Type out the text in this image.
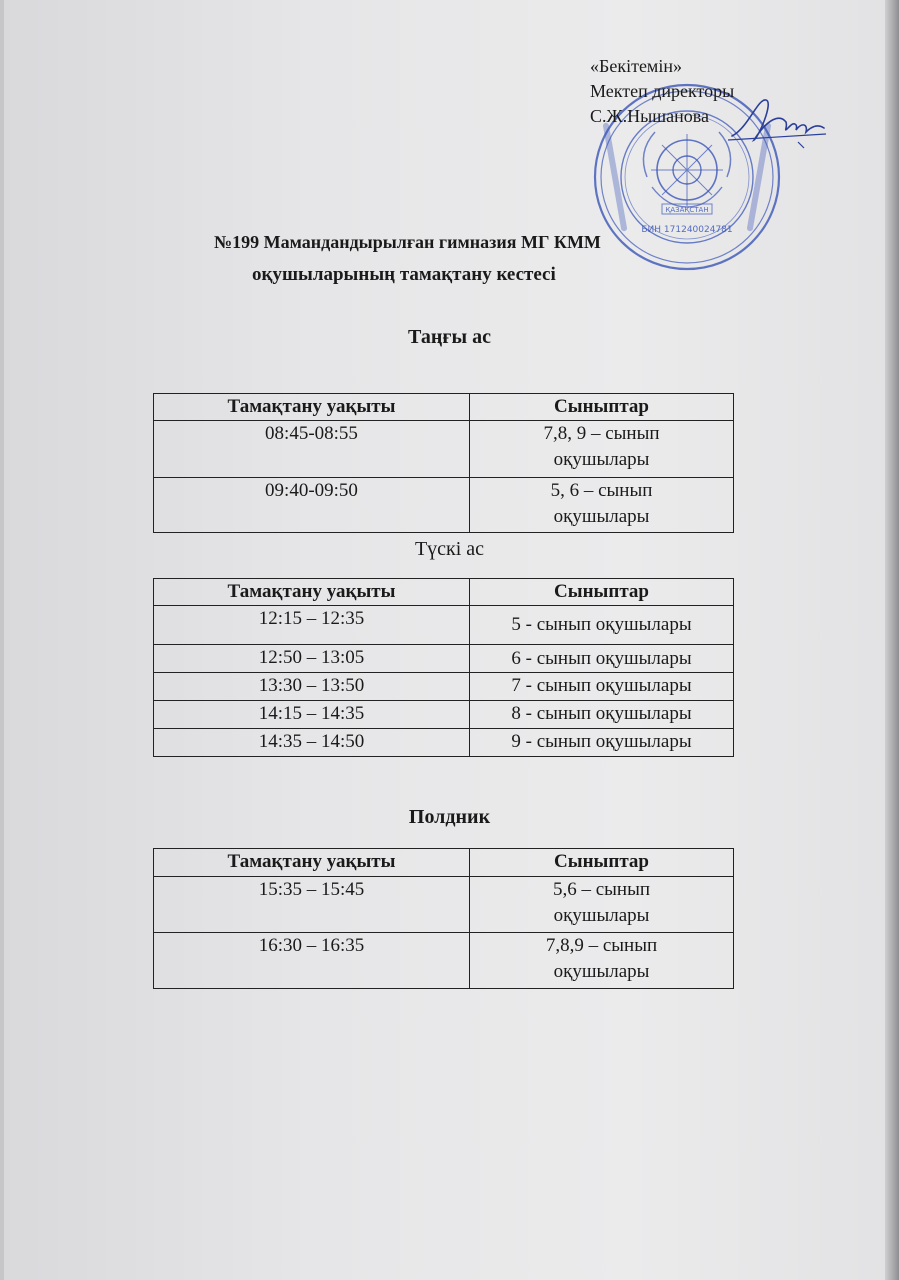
ҚАЗАҚСТАН
БИН 171240024781
«Бекітемін»
Мектеп директоры
С.Ж.Нышанова
№199 Мамандандырылған гимназия МГ КММ
оқушыларының тамақтану кестесі
Таңғы ас
Тамақтану уақыты	Сыныптар
08:45-08:55	7,8, 9 – сынып
оқушылары

09:40-09:50	5, 6 – сынып
оқушылары
Түскі ас
Тамақтану уақыты	Сыныптар
12:15 – 12:35	5 - сынып оқушылары
12:50 – 13:05	6 - сынып оқушылары
13:30 – 13:50	7 - сынып оқушылары
14:15 – 14:35	8 - сынып оқушылары
14:35 – 14:50	9 - сынып оқушылары
Полдник
Тамақтану уақыты	Сыныптар
15:35 – 15:45	5,6 – сынып
оқушылары

16:30 – 16:35	7,8,9 – сынып
оқушылары
